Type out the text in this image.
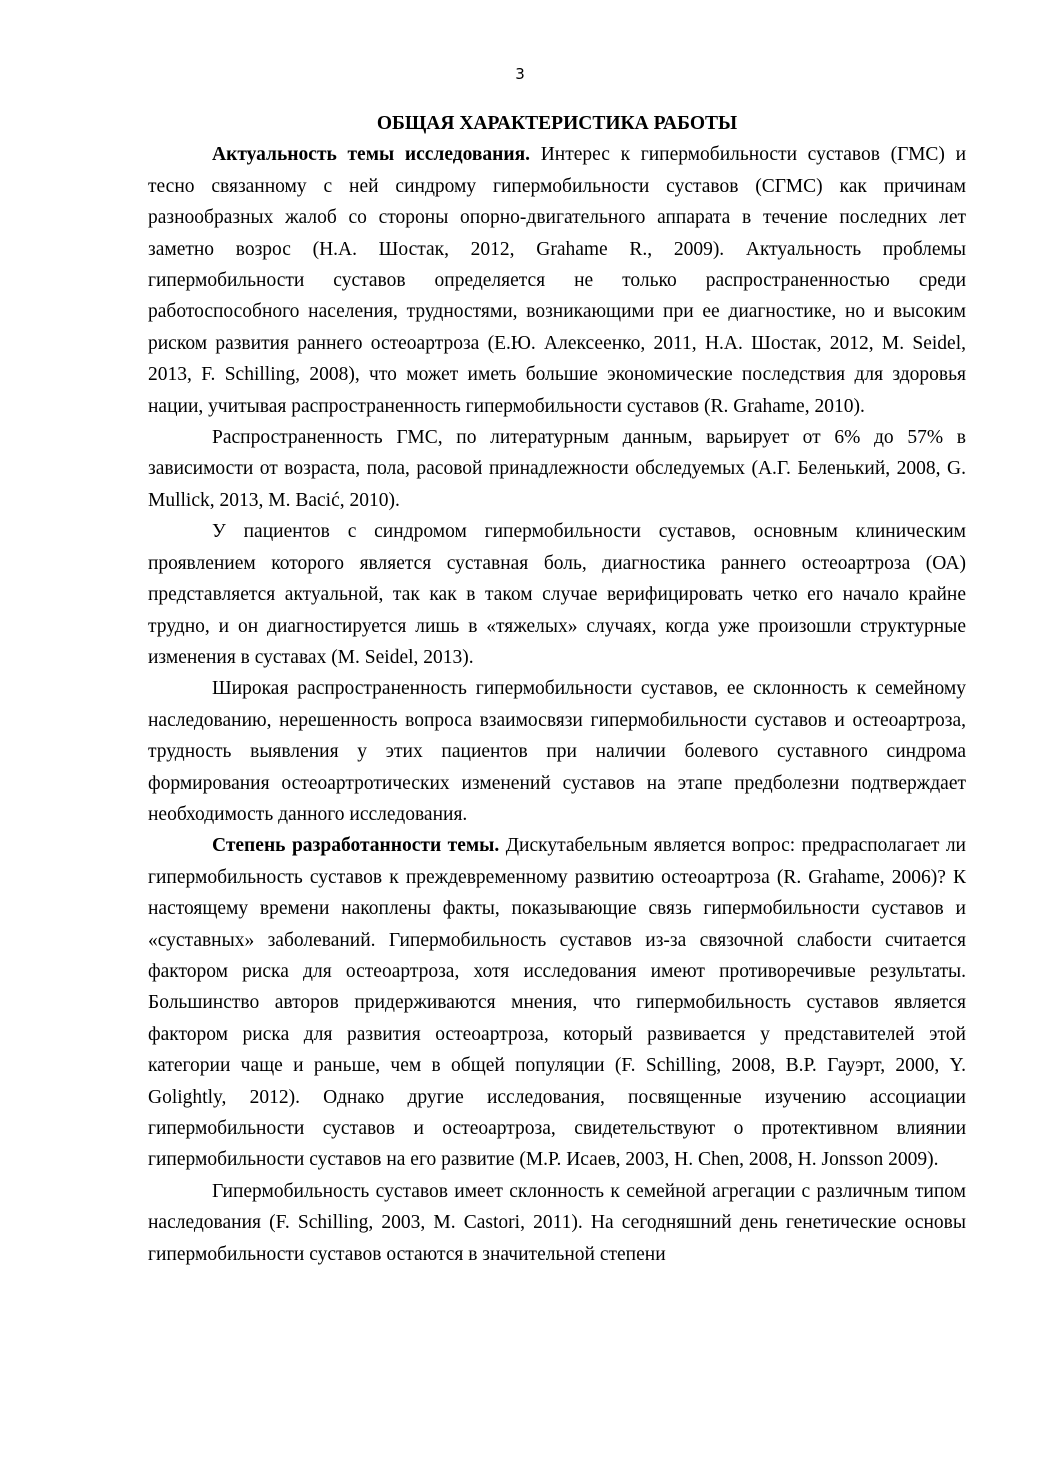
3

ОБЩАЯ ХАРАКТЕРИСТИКА РАБОТЫ

Актуальность темы исследования. Интерес к гипермобильности суставов (ГМС) и тесно связанному с ней синдрому гипермобильности суставов (СГМС) как причинам разнообразных жалоб со стороны опорно-двигательного аппарата в течение последних лет заметно возрос (Н.А. Шостак, 2012, Grahame R., 2009). Актуальность проблемы гипермобильности суставов определяется не только распространенностью среди работоспособного населения, трудностями, возникающими при ее диагностике, но и высоким риском развития раннего остеоартроза (Е.Ю. Алексеенко, 2011, Н.А. Шостак, 2012, M. Seidel, 2013, F. Schilling, 2008), что может иметь большие экономические последствия для здоровья нации, учитывая распространенность гипермобильности суставов (R. Grahame, 2010).

Распространенность ГМС, по литературным данным, варьирует от 6% до 57% в зависимости от возраста, пола, расовой принадлежности обследуемых (А.Г. Беленький, 2008, G. Mullick, 2013, M. Bacić, 2010).

У пациентов с синдромом гипермобильности суставов, основным клиническим проявлением которого является суставная боль, диагностика раннего остеоартроза (ОА) представляется актуальной, так как в таком случае верифицировать четко его начало крайне трудно, и он диагностируется лишь в «тяжелых» случаях, когда уже произошли структурные изменения в суставах (M. Seidel, 2013).

Широкая распространенность гипермобильности суставов, ее склонность к семейному наследованию, нерешенность вопроса взаимосвязи гипермобильности суставов и остеоартроза, трудность выявления у этих пациентов при наличии болевого суставного синдрома формирования остеоартротических изменений суставов на этапе предболезни подтверждает необходимость данного исследования.

Степень разработанности темы. Дискутабельным является вопрос: предрасполагает ли гипермобильность суставов к преждевременному развитию остеоартроза (R. Grahame, 2006)? К настоящему времени накоплены факты, показывающие связь гипермобильности суставов и «суставных» заболеваний. Гипермобильность суставов из-за связочной слабости считается фактором риска для остеоартроза, хотя исследования имеют противоречивые результаты. Большинство авторов придерживаются мнения, что гипермобильность суставов является фактором риска для развития остеоартроза, который развивается у представителей этой категории чаще и раньше, чем в общей популяции (F. Schilling, 2008, В.Р. Гауэрт, 2000, Y. Golightly, 2012). Однако другие исследования, посвященные изучению ассоциации гипермобильности суставов и остеоартроза, свидетельствуют о протективном влиянии гипермобильности суставов на его развитие (М.Р. Исаев, 2003, H. Chen, 2008, H. Jonsson 2009).

Гипермобильность суставов имеет склонность к семейной агрегации с различным типом наследования (F. Schilling, 2003, M. Castori, 2011). На сегодняшний день генетические основы гипермобильности суставов остаются в значительной степени
